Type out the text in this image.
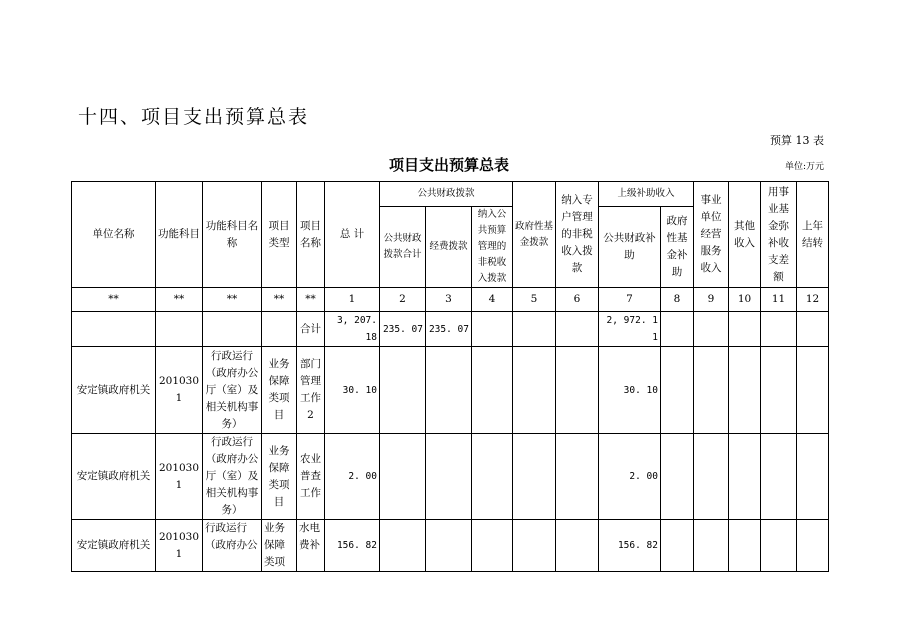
十四、项目支出预算总表
预算 13 表
项目支出预算总表	单位:万元
单位名称	功能科目	功能科目名称	项目类型	项目名称	总 计	公共财政拨款			政府性基金拨款	纳入专户管理的非税收入拨款	上级补助收入		事业单位经营服务收入	其他收入	用事业基金弥补收支差额	上年结转
						公共财政拨款合计	经费拨款	纳入公共预算管理的非税收入拨款			公共财政补助	政府性基金补助				
**	**	**	**	**	1	2	3	4	5	6	7	8	9	10	11	12
				合计	3, 207. 18	235. 07	235. 07				2, 972. 11					
安定镇政府机关	2010301	行政运行（政府办公厅（室）及相关机构事务）	业务保障类项目	部门管理工作2	30. 10						30. 10					
安定镇政府机关	2010301	行政运行（政府办公厅（室）及相关机构事务）	业务保障类项目	农业普查工作	2. 00						2. 00					
安定镇政府机关	2010301	行政运行（政府办公	业务保障类项	水电费补	156. 82						156. 82					
